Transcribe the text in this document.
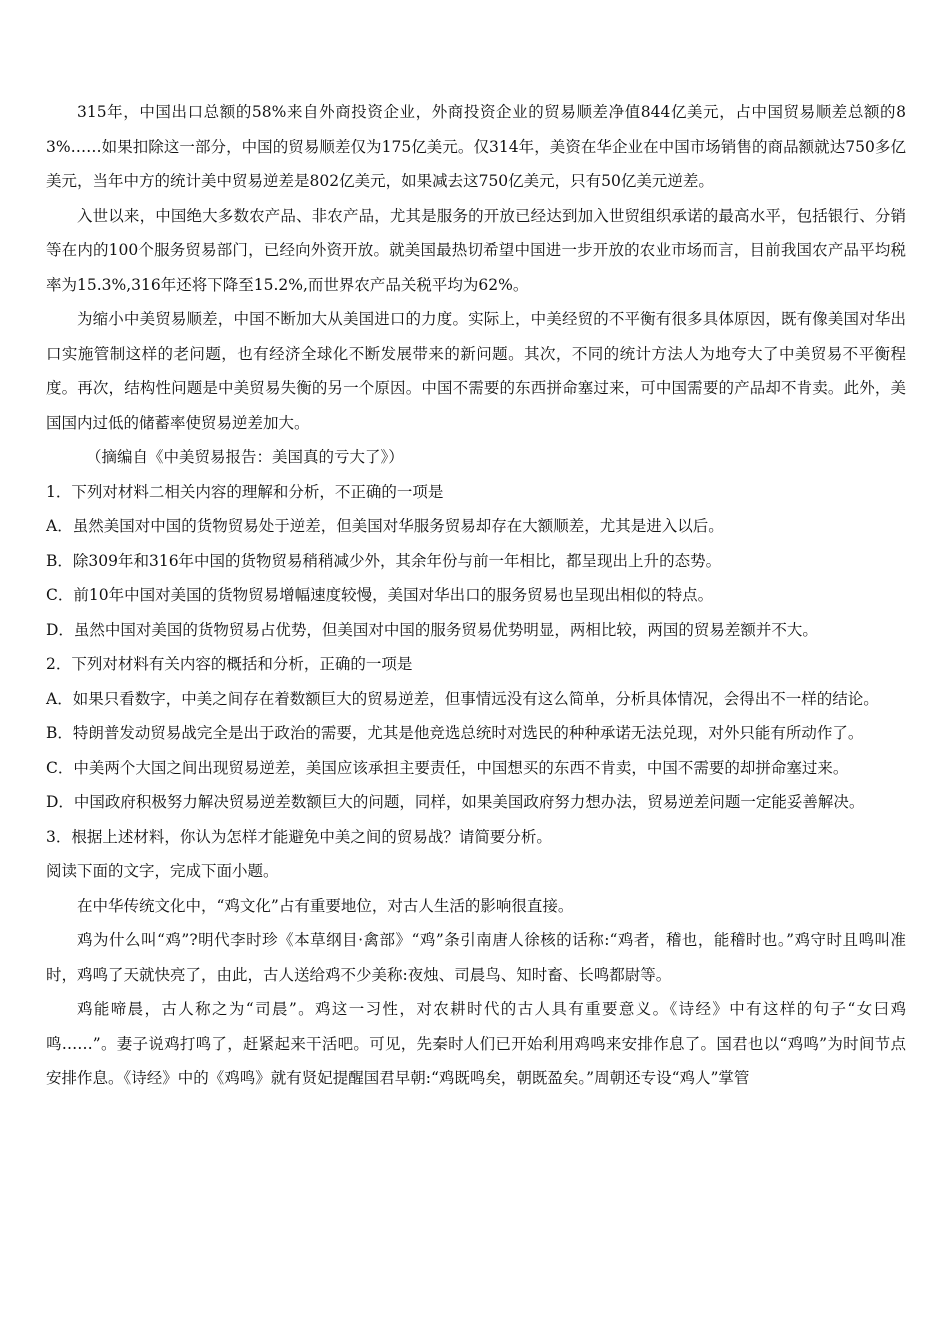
315年，中国出口总额的58%来自外商投资企业，外商投资企业的贸易顺差净值844亿美元，占中国贸易顺差总额的83%……如果扣除这一部分，中国的贸易顺差仅为175亿美元。仅314年，美资在华企业在中国市场销售的商品额就达750多亿美元，当年中方的统计美中贸易逆差是802亿美元，如果减去这750亿美元，只有50亿美元逆差。

入世以来，中国绝大多数农产品、非农产品，尤其是服务的开放已经达到加入世贸组织承诺的最高水平，包括银行、分销等在内的100个服务贸易部门，已经向外资开放。就美国最热切希望中国进一步开放的农业市场而言，目前我国农产品平均税率为15.3%,316年还将下降至15.2%,而世界农产品关税平均为62%。

为缩小中美贸易顺差，中国不断加大从美国进口的力度。实际上，中美经贸的不平衡有很多具体原因，既有像美国对华出口实施管制这样的老问题，也有经济全球化不断发展带来的新问题。其次，不同的统计方法人为地夸大了中美贸易不平衡程度。再次，结构性问题是中美贸易失衡的另一个原因。中国不需要的东西拼命塞过来，可中国需要的产品却不肯卖。此外，美国国内过低的储蓄率使贸易逆差加大。

（摘编自《中美贸易报告：美国真的亏大了》）

1．下列对材料二相关内容的理解和分析，不正确的一项是

A．虽然美国对中国的货物贸易处于逆差，但美国对华服务贸易却存在大额顺差，尤其是进入以后。

B．除309年和316年中国的货物贸易稍稍减少外，其余年份与前一年相比，都呈现出上升的态势。

C．前10年中国对美国的货物贸易增幅速度较慢，美国对华出口的服务贸易也呈现出相似的特点。

D．虽然中国对美国的货物贸易占优势，但美国对中国的服务贸易优势明显，两相比较，两国的贸易差额并不大。

2．下列对材料有关内容的概括和分析，正确的一项是

A．如果只看数字，中美之间存在着数额巨大的贸易逆差，但事情远没有这么简单，分析具体情况，会得出不一样的结论。

B．特朗普发动贸易战完全是出于政治的需要，尤其是他竞选总统时对选民的种种承诺无法兑现，对外只能有所动作了。

C．中美两个大国之间出现贸易逆差，美国应该承担主要责任，中国想买的东西不肯卖，中国不需要的却拼命塞过来。

D．中国政府积极努力解决贸易逆差数额巨大的问题，同样，如果美国政府努力想办法，贸易逆差问题一定能妥善解决。

3．根据上述材料，你认为怎样才能避免中美之间的贸易战？请简要分析。

阅读下面的文字，完成下面小题。

在中华传统文化中，“鸡文化”占有重要地位，对古人生活的影响很直接。

鸡为什么叫“鸡”?明代李时珍《本草纲目·禽部》“鸡”条引南唐人徐核的话称:“鸡者，稽也，能稽时也。”鸡守时且鸣叫准时，鸡鸣了天就快亮了，由此，古人送给鸡不少美称:夜烛、司晨鸟、知时畜、长鸣都尉等。

鸡能啼晨，古人称之为“司晨”。鸡这一习性，对农耕时代的古人具有重要意义。《诗经》中有这样的句子“女曰鸡鸣……”。妻子说鸡打鸣了，赶紧起来干活吧。可见，先秦时人们已开始利用鸡鸣来安排作息了。国君也以“鸡鸣”为时间节点安排作息。《诗经》中的《鸡鸣》就有贤妃提醒国君早朝:“鸡既鸣矣，朝既盈矣。”周朝还专设“鸡人”掌管
